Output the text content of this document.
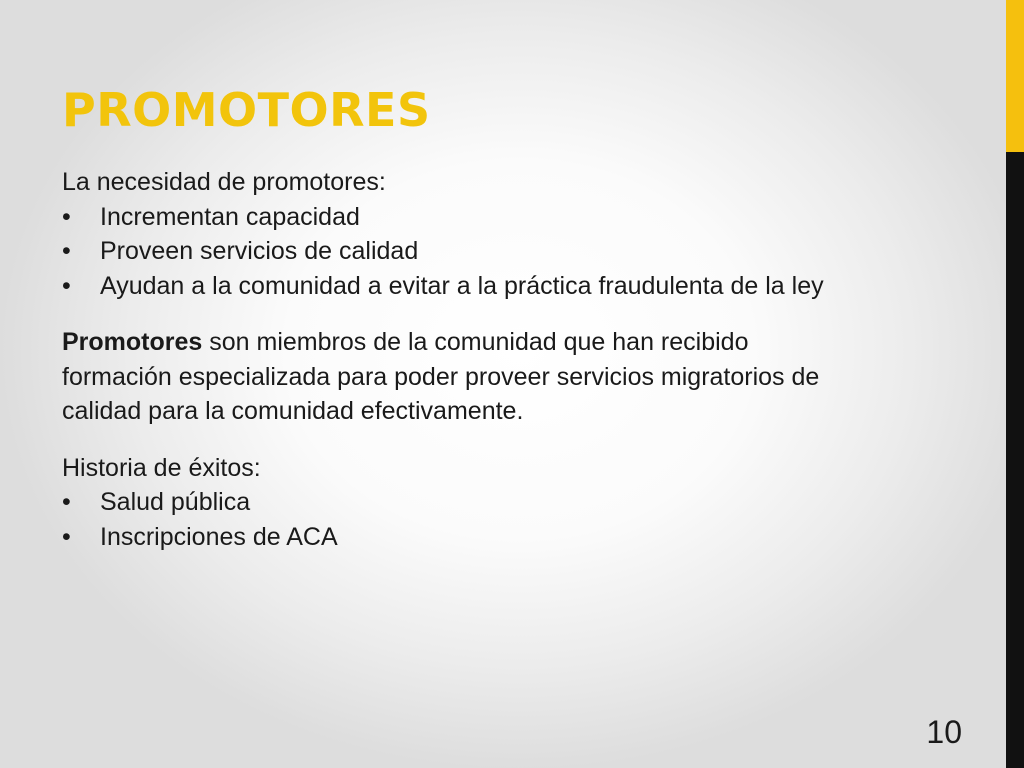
PROMOTORES
La necesidad de promotores:
• Incrementan capacidad
• Proveen servicios de calidad
• Ayudan a la comunidad a evitar a la práctica fraudulenta de la ley
Promotores son miembros de la comunidad que han recibido
formación especializada para poder proveer servicios migratorios de
calidad para la comunidad efectivamente.
Historia de éxitos:
• Salud pública
• Inscripciones de ACA
10
